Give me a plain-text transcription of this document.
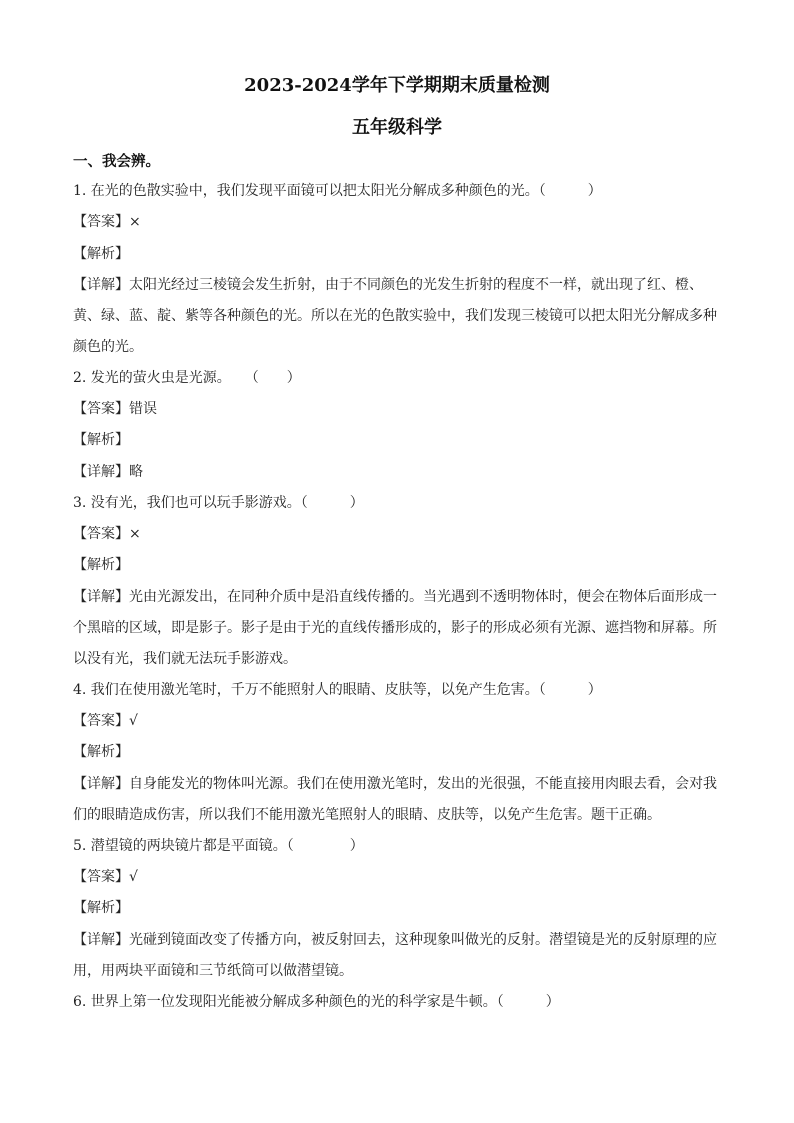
2023-2024学年下学期期末质量检测
五年级科学
一、我会辨。
1. 在光的色散实验中，我们发现平面镜可以把太阳光分解成多种颜色的光。（　　　）
【答案】×
【解析】
【详解】太阳光经过三棱镜会发生折射，由于不同颜色的光发生折射的程度不一样，就出现了红、橙、
黄、绿、蓝、靛、紫等各种颜色的光。所以在光的色散实验中，我们发现三棱镜可以把太阳光分解成多种
颜色的光。
2. 发光的萤火虫是光源。　　（　　）
【答案】错误
【解析】
【详解】略
3. 没有光，我们也可以玩手影游戏。（　　　）
【答案】×
【解析】
【详解】光由光源发出，在同种介质中是沿直线传播的。当光遇到不透明物体时，便会在物体后面形成一
个黑暗的区域，即是影子。影子是由于光的直线传播形成的，影子的形成必须有光源、遮挡物和屏幕。所
以没有光，我们就无法玩手影游戏。
4. 我们在使用激光笔时，千万不能照射人的眼睛、皮肤等，以免产生危害。（　　　）
【答案】√
【解析】
【详解】自身能发光的物体叫光源。我们在使用激光笔时，发出的光很强，不能直接用肉眼去看，会对我
们的眼睛造成伤害，所以我们不能用激光笔照射人的眼睛、皮肤等，以免产生危害。题干正确。
5. 潜望镜的两块镜片都是平面镜。（　　　　）
【答案】√
【解析】
【详解】光碰到镜面改变了传播方向，被反射回去，这种现象叫做光的反射。潜望镜是光的反射原理的应
用，用两块平面镜和三节纸筒可以做潜望镜。
6. 世界上第一位发现阳光能被分解成多种颜色的光的科学家是牛顿。（　　　）
